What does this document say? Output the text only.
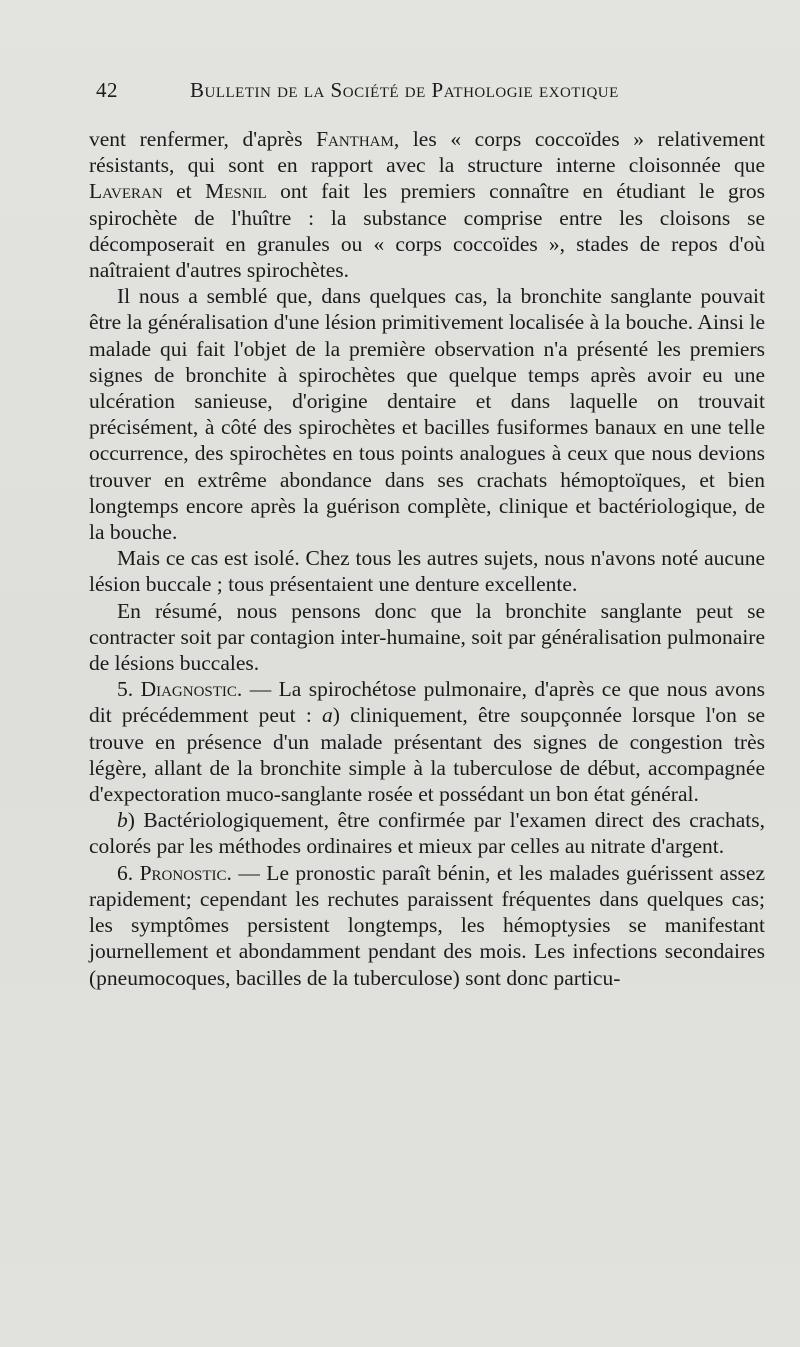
42	Bulletin de la Société de Pathologie exotique

vent renfermer, d'après Fantham, les « corps coccoïdes » relativement résistants, qui sont en rapport avec la structure interne cloisonnée que Laveran et Mesnil ont fait les premiers connaître en étudiant le gros spirochète de l'huître : la substance comprise entre les cloisons se décomposerait en granules ou « corps coccoïdes », stades de repos d'où naîtraient d'autres spirochètes.

Il nous a semblé que, dans quelques cas, la bronchite sanglante pouvait être la généralisation d'une lésion primitivement localisée à la bouche. Ainsi le malade qui fait l'objet de la première observation n'a présenté les premiers signes de bronchite à spirochètes que quelque temps après avoir eu une ulcération sanieuse, d'origine dentaire et dans laquelle on trouvait précisément, à côté des spirochètes et bacilles fusiformes banaux en une telle occurrence, des spirochètes en tous points analogues à ceux que nous devions trouver en extrême abondance dans ses crachats hémoptoïques, et bien longtemps encore après la guérison complète, clinique et bactériologique, de la bouche.

Mais ce cas est isolé. Chez tous les autres sujets, nous n'avons noté aucune lésion buccale ; tous présentaient une denture excellente.

En résumé, nous pensons donc que la bronchite sanglante peut se contracter soit par contagion inter-humaine, soit par généralisation pulmonaire de lésions buccales.

5. Diagnostic. — La spirochétose pulmonaire, d'après ce que nous avons dit précédemment peut : a) cliniquement, être soupçonnée lorsque l'on se trouve en présence d'un malade présentant des signes de congestion très légère, allant de la bronchite simple à la tuberculose de début, accompagnée d'expectoration muco-sanglante rosée et possédant un bon état général.

b) Bactériologiquement, être confirmée par l'examen direct des crachats, colorés par les méthodes ordinaires et mieux par celles au nitrate d'argent.

6. Pronostic. — Le pronostic paraît bénin, et les malades guérissent assez rapidement; cependant les rechutes paraissent fréquentes dans quelques cas; les symptômes persistent longtemps, les hémoptysies se manifestant journellement et abondamment pendant des mois. Les infections secondaires (pneumocoques, bacilles de la tuberculose) sont donc particu-
